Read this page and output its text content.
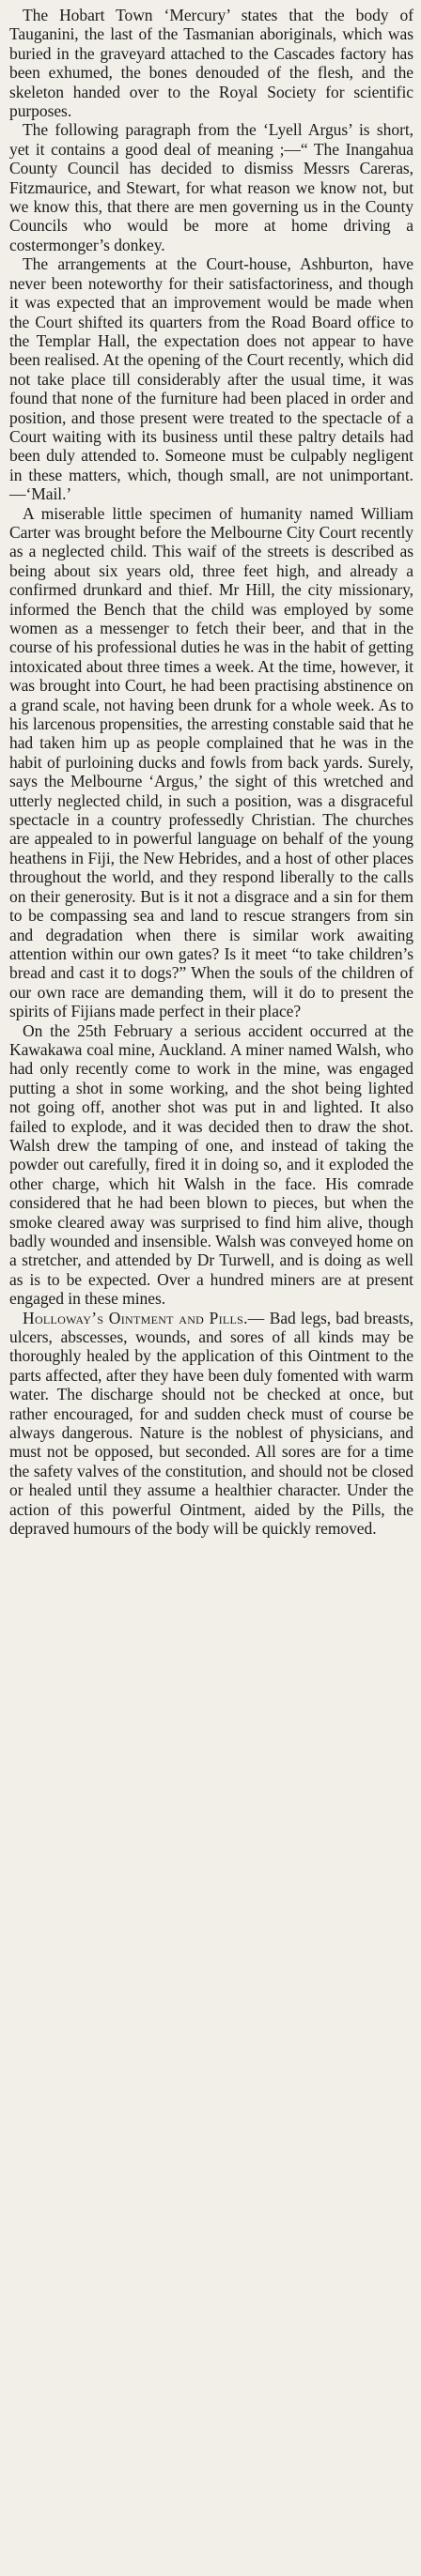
The Hobart Town ‘Mercury’ states that the body of Tauganini, the last of the Tasmanian aboriginals, which was buried in the graveyard attached to the Cascades factory has been exhumed, the bones denouded of the flesh, and the skeleton handed over to the Royal Society for scientific purposes.

The following paragraph from the ‘Lyell Argus’ is short, yet it contains a good deal of meaning ;—“ The Inangahua County Council has decided to dismiss Messrs Careras, Fitzmaurice, and Stewart, for what reason we know not, but we know this, that there are men governing us in the County Councils who would be more at home driving a costermonger’s donkey.

The arrangements at the Court-house, Ashburton, have never been noteworthy for their satisfactoriness, and though it was expected that an improvement would be made when the Court shifted its quarters from the Road Board office to the Templar Hall, the expectation does not appear to have been realised. At the opening of the Court recently, which did not take place till considerably after the usual time, it was found that none of the furniture had been placed in order and position, and those present were treated to the spectacle of a Court waiting with its business until these paltry details had been duly attended to. Someone must be culpably negligent in these matters, which, though small, are not unimportant.—‘Mail.’

A miserable little specimen of humanity named William Carter was brought before the Melbourne City Court recently as a neglected child. This waif of the streets is described as being about six years old, three feet high, and already a confirmed drunkard and thief. Mr Hill, the city missionary, informed the Bench that the child was employed by some women as a messenger to fetch their beer, and that in the course of his professional duties he was in the habit of getting intoxicated about three times a week. At the time, however, it was brought into Court, he had been practising abstinence on a grand scale, not having been drunk for a whole week. As to his larcenous propensities, the arresting constable said that he had taken him up as people complained that he was in the habit of purloining ducks and fowls from back yards. Surely, says the Melbourne ‘Argus,’ the sight of this wretched and utterly neglected child, in such a position, was a disgraceful spectacle in a country professedly Christian. The churches are appealed to in powerful language on behalf of the young heathens in Fiji, the New Hebrides, and a host of other places throughout the world, and they respond liberally to the calls on their generosity. But is it not a disgrace and a sin for them to be compassing sea and land to rescue strangers from sin and degradation when there is similar work awaiting attention within our own gates? Is it meet “to take children’s bread and cast it to dogs?” When the souls of the children of our own race are demanding them, will it do to present the spirits of Fijians made perfect in their place?

On the 25th February a serious accident occurred at the Kawakawa coal mine, Auckland. A miner named Walsh, who had only recently come to work in the mine, was engaged putting a shot in some working, and the shot being lighted not going off, another shot was put in and lighted. It also failed to explode, and it was decided then to draw the shot. Walsh drew the tamping of one, and instead of taking the powder out carefully, fired it in doing so, and it exploded the other charge, which hit Walsh in the face. His comrade considered that he had been blown to pieces, but when the smoke cleared away was surprised to find him alive, though badly wounded and insensible. Walsh was conveyed home on a stretcher, and attended by Dr Turwell, and is doing as well as is to be expected. Over a hundred miners are at present engaged in these mines.

Holloway’s Ointment and Pills.— Bad legs, bad breasts, ulcers, abscesses, wounds, and sores of all kinds may be thoroughly healed by the application of this Ointment to the parts affected, after they have been duly fomented with warm water. The discharge should not be checked at once, but rather encouraged, for and sudden check must of course be always dangerous. Nature is the noblest of physicians, and must not be opposed, but seconded. All sores are for a time the safety valves of the constitution, and should not be closed or healed until they assume a healthier character. Under the action of this powerful Ointment, aided by the Pills, the depraved humours of the body will be quickly removed.
